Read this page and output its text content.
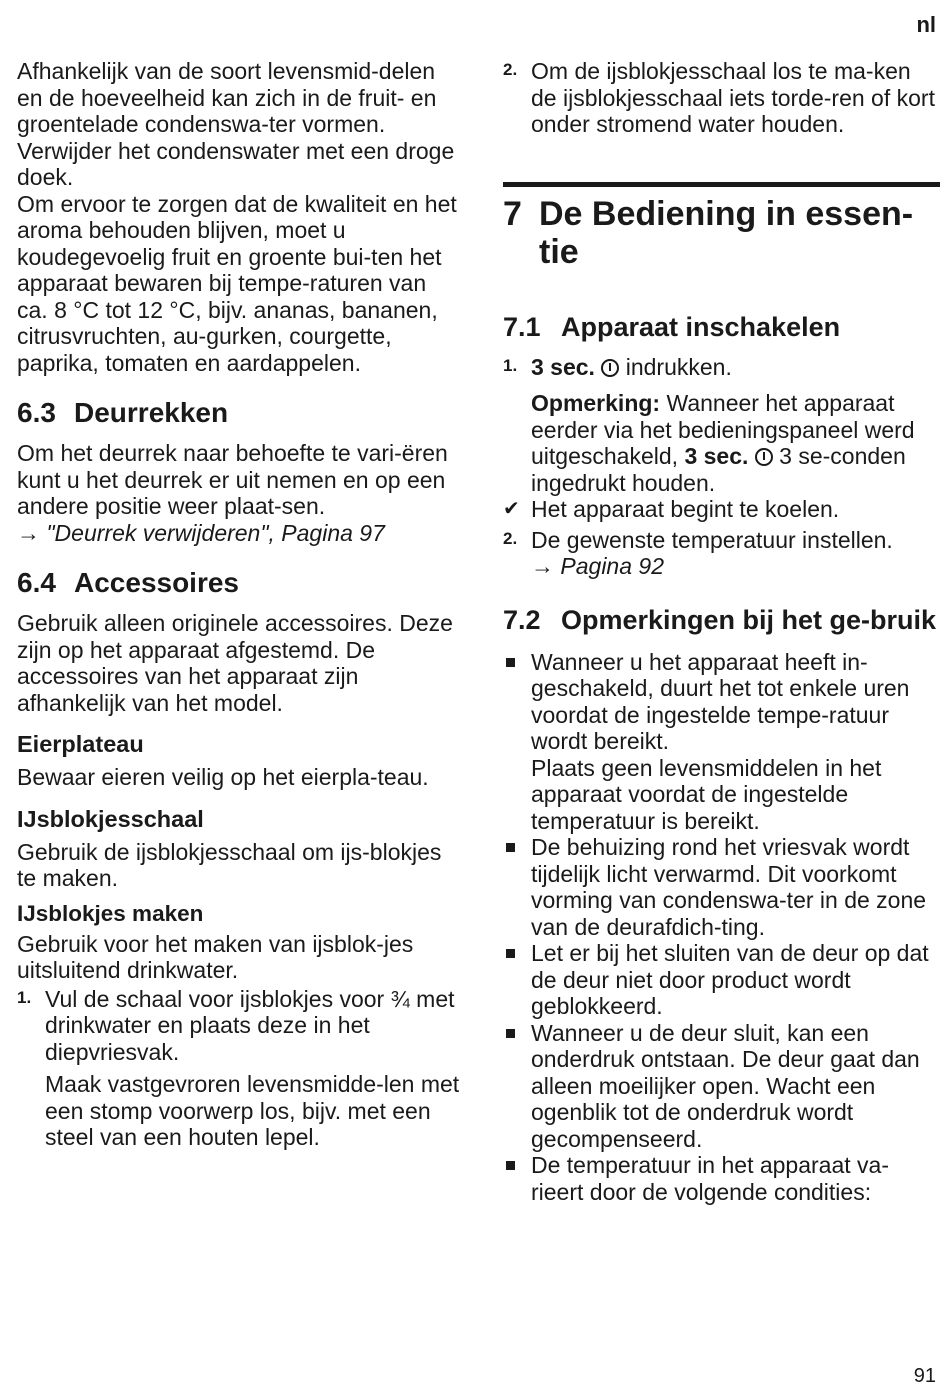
nl

Afhankelijk van de soort levensmid-delen en de hoeveelheid kan zich in de fruit- en groentelade condenswa-ter vormen.

Verwijder het condenswater met een droge doek.

Om ervoor te zorgen dat de kwaliteit en het aroma behouden blijven, moet u koudegevoelig fruit en groente bui-ten het apparaat bewaren bij tempe-raturen van ca. 8 °C tot 12 °C, bijv. ananas, bananen, citrusvruchten, au-gurken, courgette, paprika, tomaten en aardappelen.

6.3 Deurrekken

Om het deurrek naar behoefte te vari-ëren kunt u het deurrek er uit nemen en op een andere positie weer plaat-sen.

→ "Deurrek verwijderen", Pagina 97

6.4 Accessoires

Gebruik alleen originele accessoires. Deze zijn op het apparaat afgestemd. De accessoires van het apparaat zijn afhankelijk van het model.

Eierplateau

Bewaar eieren veilig op het eierpla-teau.

IJsblokjesschaal

Gebruik de ijsblokjesschaal om ijs-blokjes te maken.

IJsblokjes maken

Gebruik voor het maken van ijsblok-jes uitsluitend drinkwater.

1. Vul de schaal voor ijsblokjes voor ¾ met drinkwater en plaats deze in het diepvriesvak.

Maak vastgevroren levensmidde-len met een stomp voorwerp los, bijv. met een steel van een houten lepel.

2. Om de ijsblokjesschaal los te ma-ken de ijsblokjesschaal iets torde-ren of kort onder stromend water houden.

7 De Bediening in essen-tie
7.1 Apparaat inschakelen
1. 3 sec. indrukken.

Opmerking: Wanneer het apparaat eerder via het bedieningspaneel werd uitgeschakeld, 3 sec. 3 se-conden ingedrukt houden.

✔ Het apparaat begint te koelen.

2. De gewenste temperatuur instellen.

→ Pagina 92

7.2 Opmerkingen bij het ge-bruik

Wanneer u het apparaat heeft in-geschakeld, duurt het tot enkele uren voordat de ingestelde tempe-ratuur wordt bereikt.

Plaats geen levensmiddelen in het apparaat voordat de ingestelde temperatuur is bereikt.

De behuizing rond het vriesvak wordt tijdelijk licht verwarmd. Dit voorkomt vorming van condenswa-ter in de zone van de deurafdich-ting.

Let er bij het sluiten van de deur op dat de deur niet door product wordt geblokkeerd.

Wanneer u de deur sluit, kan een onderdruk ontstaan. De deur gaat dan alleen moeilijker open. Wacht een ogenblik tot de onderdruk wordt gecompenseerd.

De temperatuur in het apparaat va-rieert door de volgende condities:

91
